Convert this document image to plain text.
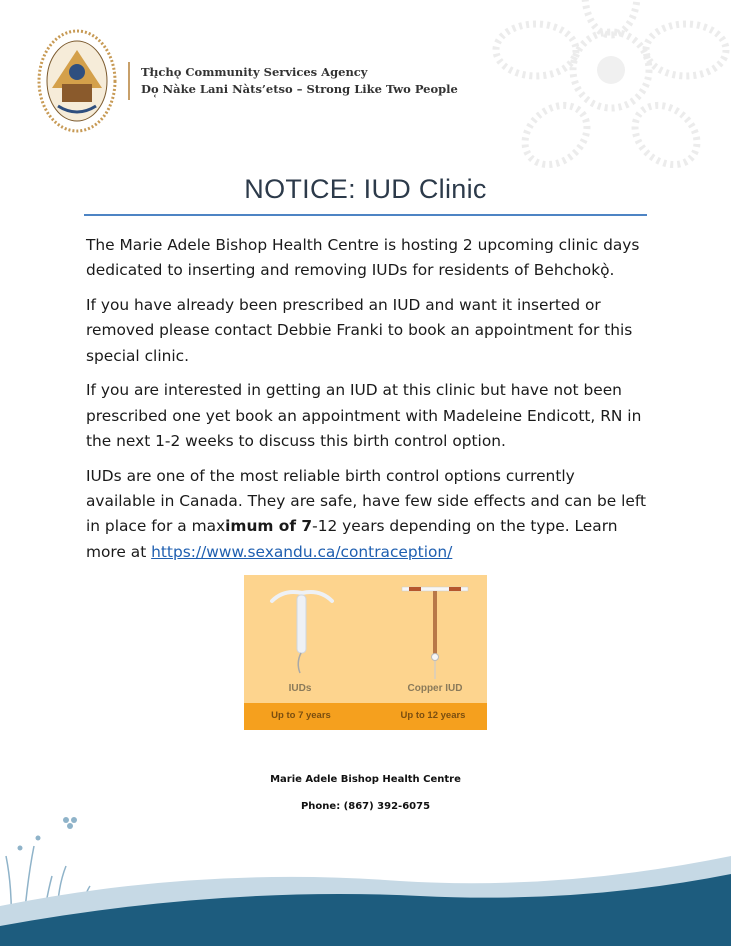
Tłı̨chǫ Community Services Agency
Do̜ Nàke Lani Nàts’etso – Strong Like Two People
NOTICE: IUD Clinic

The Marie Adele Bishop Health Centre is hosting 2 upcoming clinic days dedicated to inserting and removing IUDs for residents of Behchokǫ̀.

If you have already been prescribed an IUD and want it inserted or removed please contact Debbie Franki to book an appointment for this special clinic.

If you are interested in getting an IUD at this clinic but have not been prescribed one yet book an appointment with Madeleine Endicott, RN in the next 1-2 weeks to discuss this birth control option.

IUDs are one of the most reliable birth control options currently available in Canada. They are safe, have few side effects and can be left in place for a maximum of 7-12 years depending on the type. Learn more at https://www.sexandu.ca/contraception/

IUDs	Copper IUD
Up to 7 years	Up to 12 years
Marie Adele Bishop Health Centre
Phone: (867) 392-6075
